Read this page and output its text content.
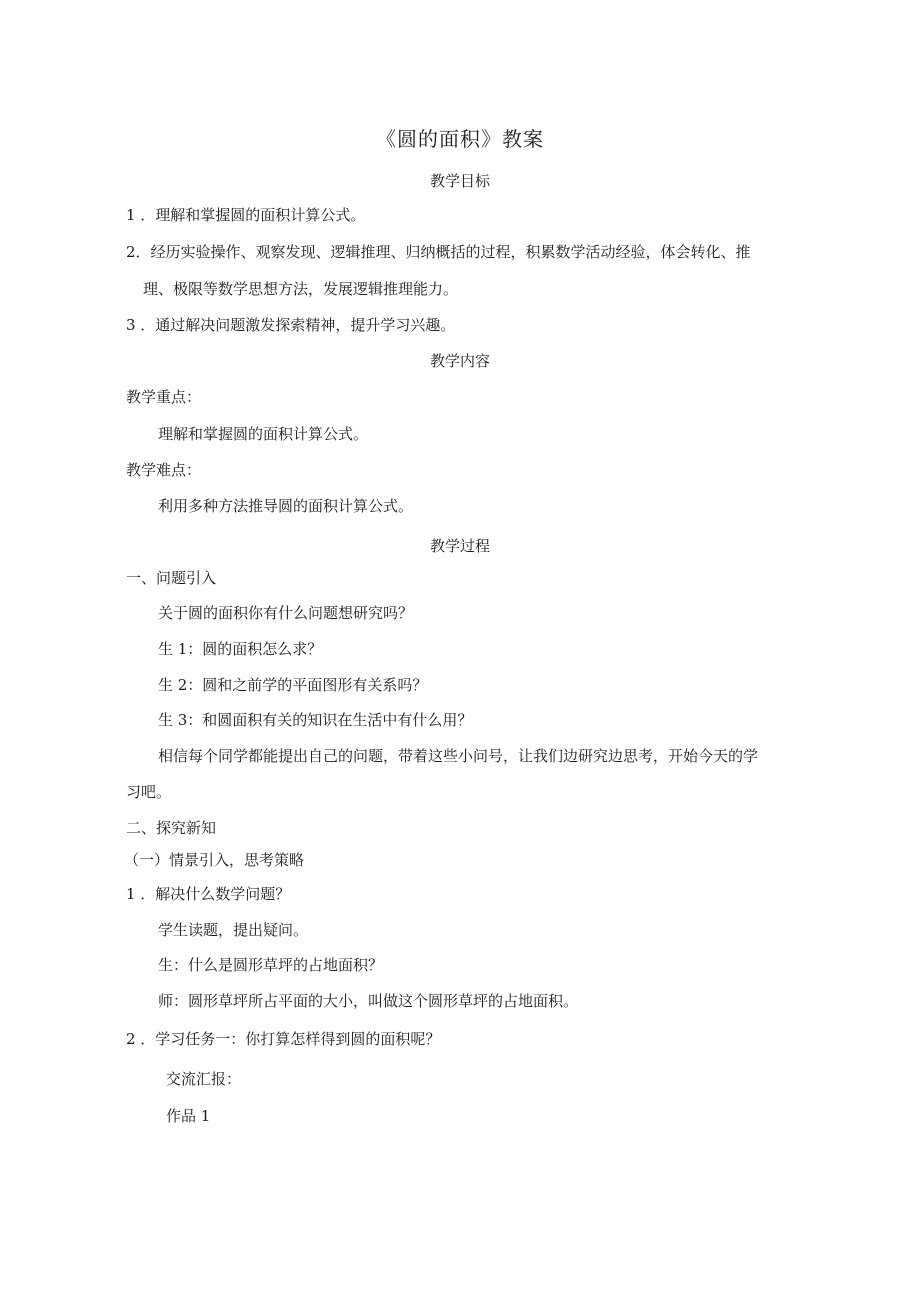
《圆的面积》教案
教学目标
1 ．理解和掌握圆的面积计算公式。
2．经历实验操作、观察发现、逻辑推理、归纳概括的过程，积累数学活动经验，体会转化、推
理、极限等数学思想方法，发展逻辑推理能力。
3 ．通过解决问题激发探索精神，提升学习兴趣。
教学内容
教学重点：
理解和掌握圆的面积计算公式。
教学难点：
利用多种方法推导圆的面积计算公式。
教学过程
一、问题引入
关于圆的面积你有什么问题想研究吗？
生 1：圆的面积怎么求？
生 2：圆和之前学的平面图形有关系吗？
生 3：和圆面积有关的知识在生活中有什么用？
相信每个同学都能提出自己的问题，带着这些小问号，让我们边研究边思考，开始今天的学
习吧。
二、探究新知
（一）情景引入，思考策略
1 ．解决什么数学问题？
学生读题，提出疑问。
生：什么是圆形草坪的占地面积？
师：圆形草坪所占平面的大小，叫做这个圆形草坪的占地面积。
2 ．学习任务一：你打算怎样得到圆的面积呢？
交流汇报：
作品 1
